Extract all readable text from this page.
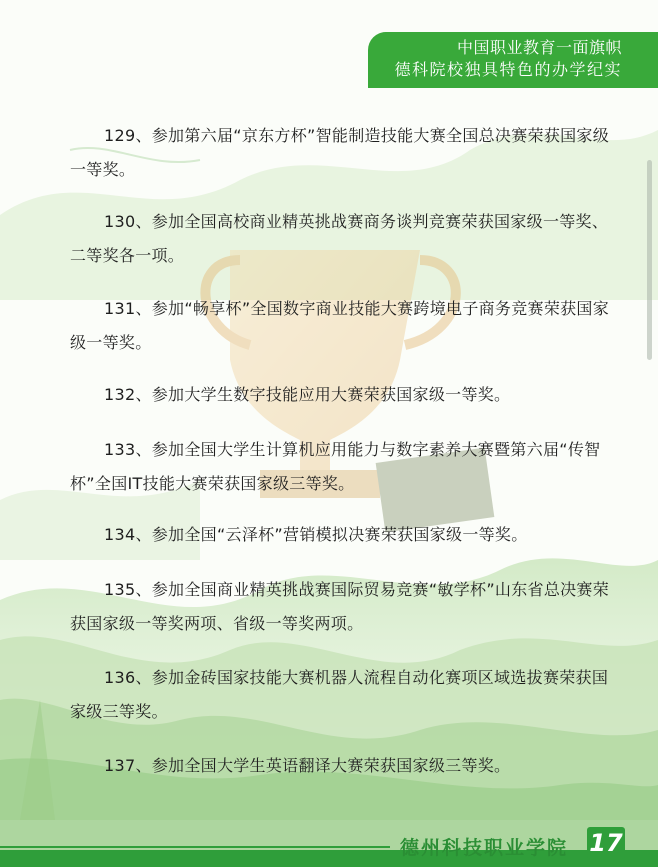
中国职业教育一面旗帜
德科院校独具特色的办学纪实
129、参加第六届“京东方杯”智能制造技能大赛全国总决赛荣获国家级一等奖。
130、参加全国高校商业精英挑战赛商务谈判竞赛荣获国家级一等奖、二等奖各一项。
131、参加“畅享杯”全国数字商业技能大赛跨境电子商务竞赛荣获国家级一等奖。
132、参加大学生数字技能应用大赛荣获国家级一等奖。
133、参加全国大学生计算机应用能力与数字素养大赛暨第六届“传智杯”全国IT技能大赛荣获国家级三等奖。
134、参加全国“云泽杯”营销模拟决赛荣获国家级一等奖。
135、参加全国商业精英挑战赛国际贸易竞赛“敏学杯”山东省总决赛荣获国家级一等奖两项、省级一等奖两项。
136、参加金砖国家技能大赛机器人流程自动化赛项区域选拔赛荣获国家级三等奖。
137、参加全国大学生英语翻译大赛荣获国家级三等奖。
德州科技职业学院 17
